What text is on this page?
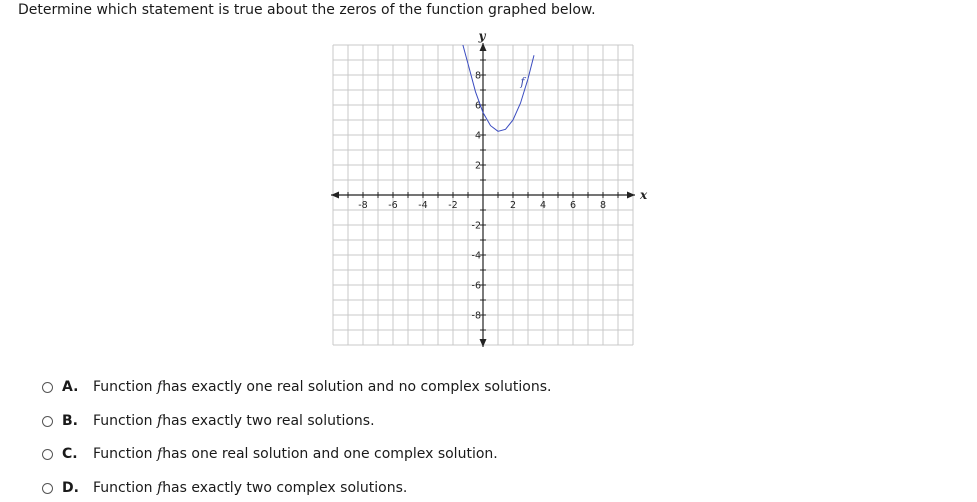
Determine which statement is true about the zeros of the function graphed below.
-8 -6 -4 -2	2	4	6	8
8
6
4
2
-2
-4
-6
-8
y
x
f
A. Function fhas exactly one real solution and no complex solutions.
B. Function fhas exactly two real solutions.
C. Function fhas one real solution and one complex solution.
D. Function fhas exactly two complex solutions.
